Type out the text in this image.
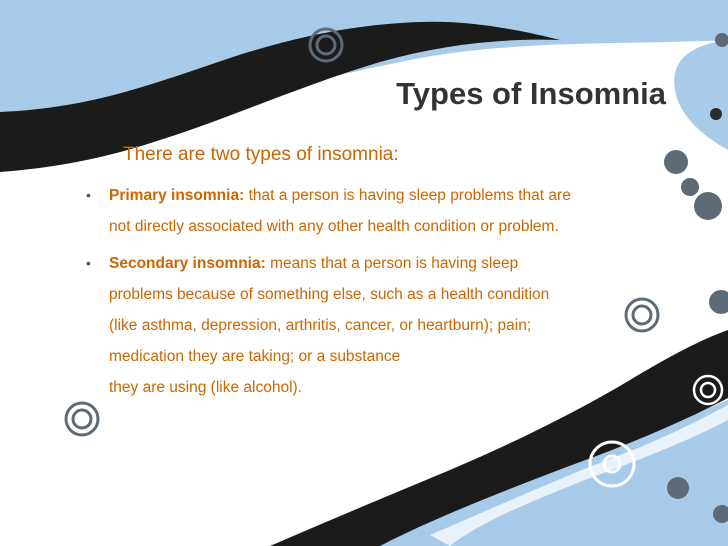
Types of Insomnia

There are two types of insomnia:

• Primary insomnia: that a person is having sleep problems that are
not directly associated with any other health condition or problem.
• Secondary insomnia: means that a person is having sleep
problems because of something else, such as a health condition
(like asthma, depression, arthritis, cancer, or heartburn); pain;
medication they are taking; or a substance
they are using (like alcohol).
